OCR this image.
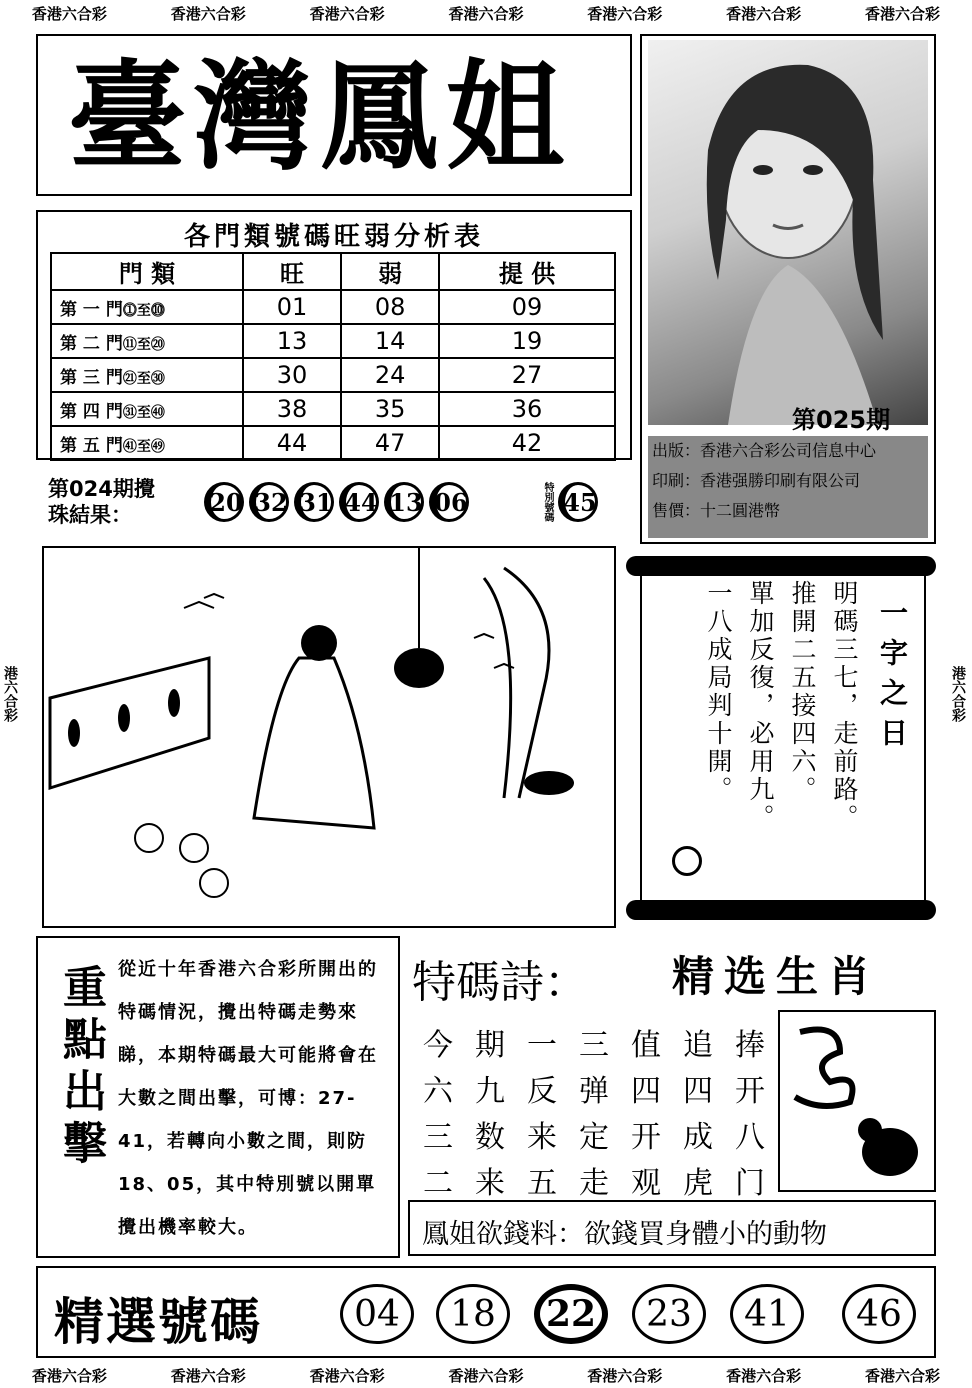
香港六合彩	香港六合彩	香港六合彩	香港六合彩	香港六合彩	香港六合彩	香港六合彩
香港六合彩	香港六合彩	香港六合彩	香港六合彩	香港六合彩	香港六合彩	香港六合彩
港六合彩	港六合彩
臺灣鳳姐
各門類號碼旺弱分析表
門 類	旺	弱	提 供
第 一 門⓵至⓾	01	08	09
第 二 門⑪至⑳	13	14	19
第 三 門㉑至㉚	30	24	27
第 四 門㉛至㊵	38	35	36
第 五 門㊶至㊾	44	47	42
第025期
出版：香港六合彩公司信息中心
印刷：香港强勝印刷有限公司
售價：十二圓港幣
第024期攪
珠結果：	20 32 31 44 13 06	特別號碼 45
一字之日
明碼三七，走前路。
推開二五接四六。
單加反復，必用九。
一八成局判十開。
重點出擊 從近十年香港六合彩所開出的特碼情況，攪出特碼走勢來睇，本期特碼最大可能將會在大數之間出擊，可博：27-41，若轉向小數之間，則防18、05，其中特別號以開單攪出機率較大。
特碼詩： 精选生肖
今 期 一 三 值 追 捧
六 九 反 弹 四 四 开
三 数 来 定 开 成 八
二 来 五 走 观 虎 门
鳳姐欲錢料：欲錢買身體小的動物
精選號碼	04	18	22	23	41	46
